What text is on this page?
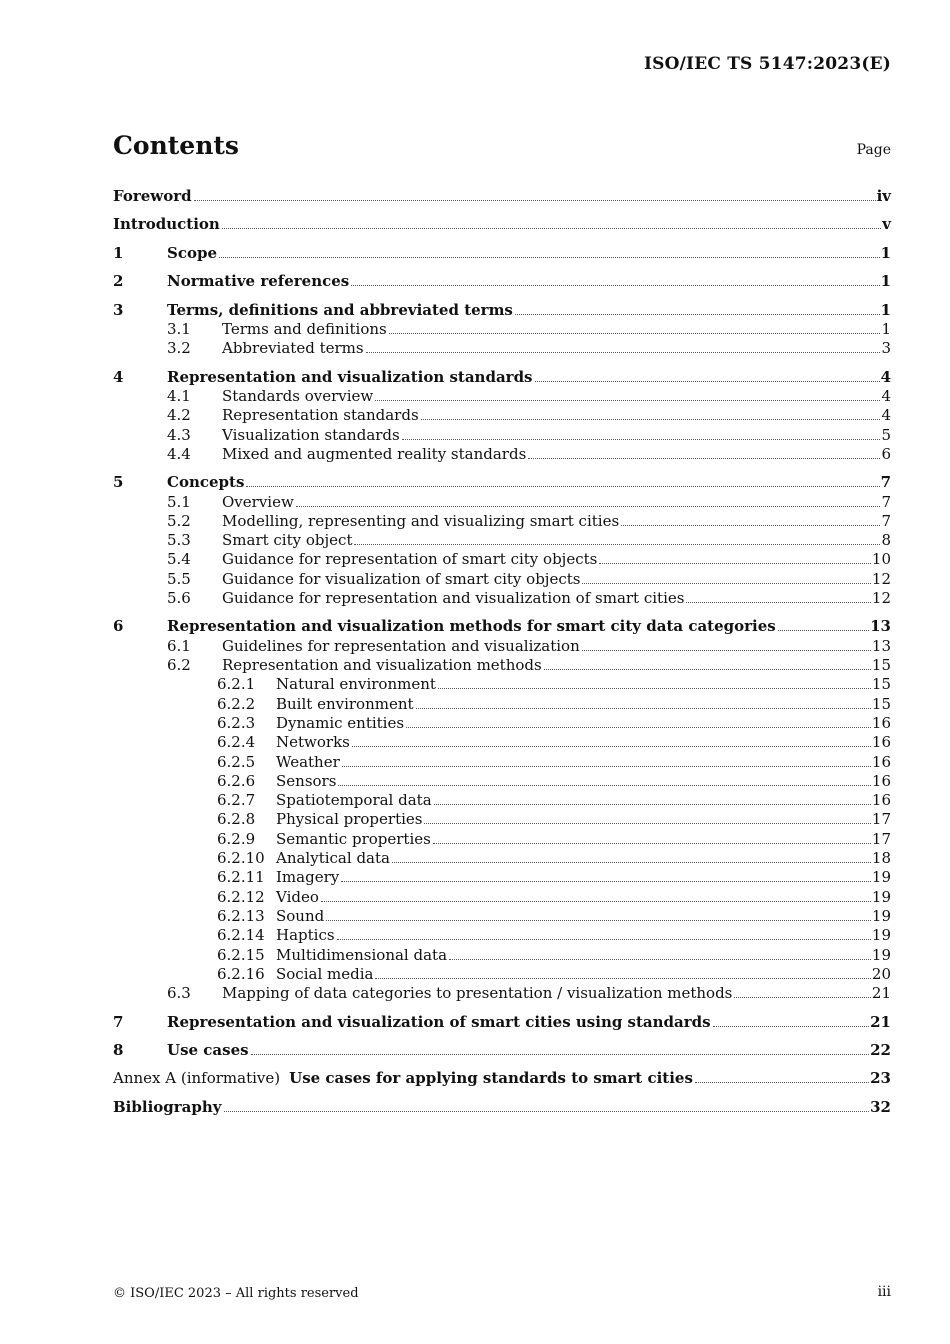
ISO/IEC TS 5147:2023(E)
Contents	Page
Foreword	iv
Introduction	v
1	Scope	1
2	Normative references	1
3	Terms, definitions and abbreviated terms	1
3.1	Terms and definitions	1
3.2	Abbreviated terms	3
4	Representation and visualization standards	4
4.1	Standards overview	4
4.2	Representation standards	4
4.3	Visualization standards	5
4.4	Mixed and augmented reality standards	6
5	Concepts	7
5.1	Overview	7
5.2	Modelling, representing and visualizing smart cities	7
5.3	Smart city object	8
5.4	Guidance for representation of smart city objects	10
5.5	Guidance for visualization of smart city objects	12
5.6	Guidance for representation and visualization of smart cities	12
6	Representation and visualization methods for smart city data categories	13
6.1	Guidelines for representation and visualization	13
6.2	Representation and visualization methods	15
6.2.1	Natural environment	15
6.2.2	Built environment	15
6.2.3	Dynamic entities	16
6.2.4	Networks	16
6.2.5	Weather	16
6.2.6	Sensors	16
6.2.7	Spatiotemporal data	16
6.2.8	Physical properties	17
6.2.9	Semantic properties	17
6.2.10 Analytical data	18
6.2.11 Imagery	19
6.2.12 Video	19
6.2.13 Sound	19
6.2.14 Haptics	19
6.2.15 Multidimensional data	19
6.2.16 Social media	20
6.3	Mapping of data categories to presentation / visualization methods	21
7	Representation and visualization of smart cities using standards	21
8	Use cases	22
Annex A (informative) Use cases for applying standards to smart cities	23
Bibliography	32
© ISO/IEC 2023 – All rights reserved	iii
